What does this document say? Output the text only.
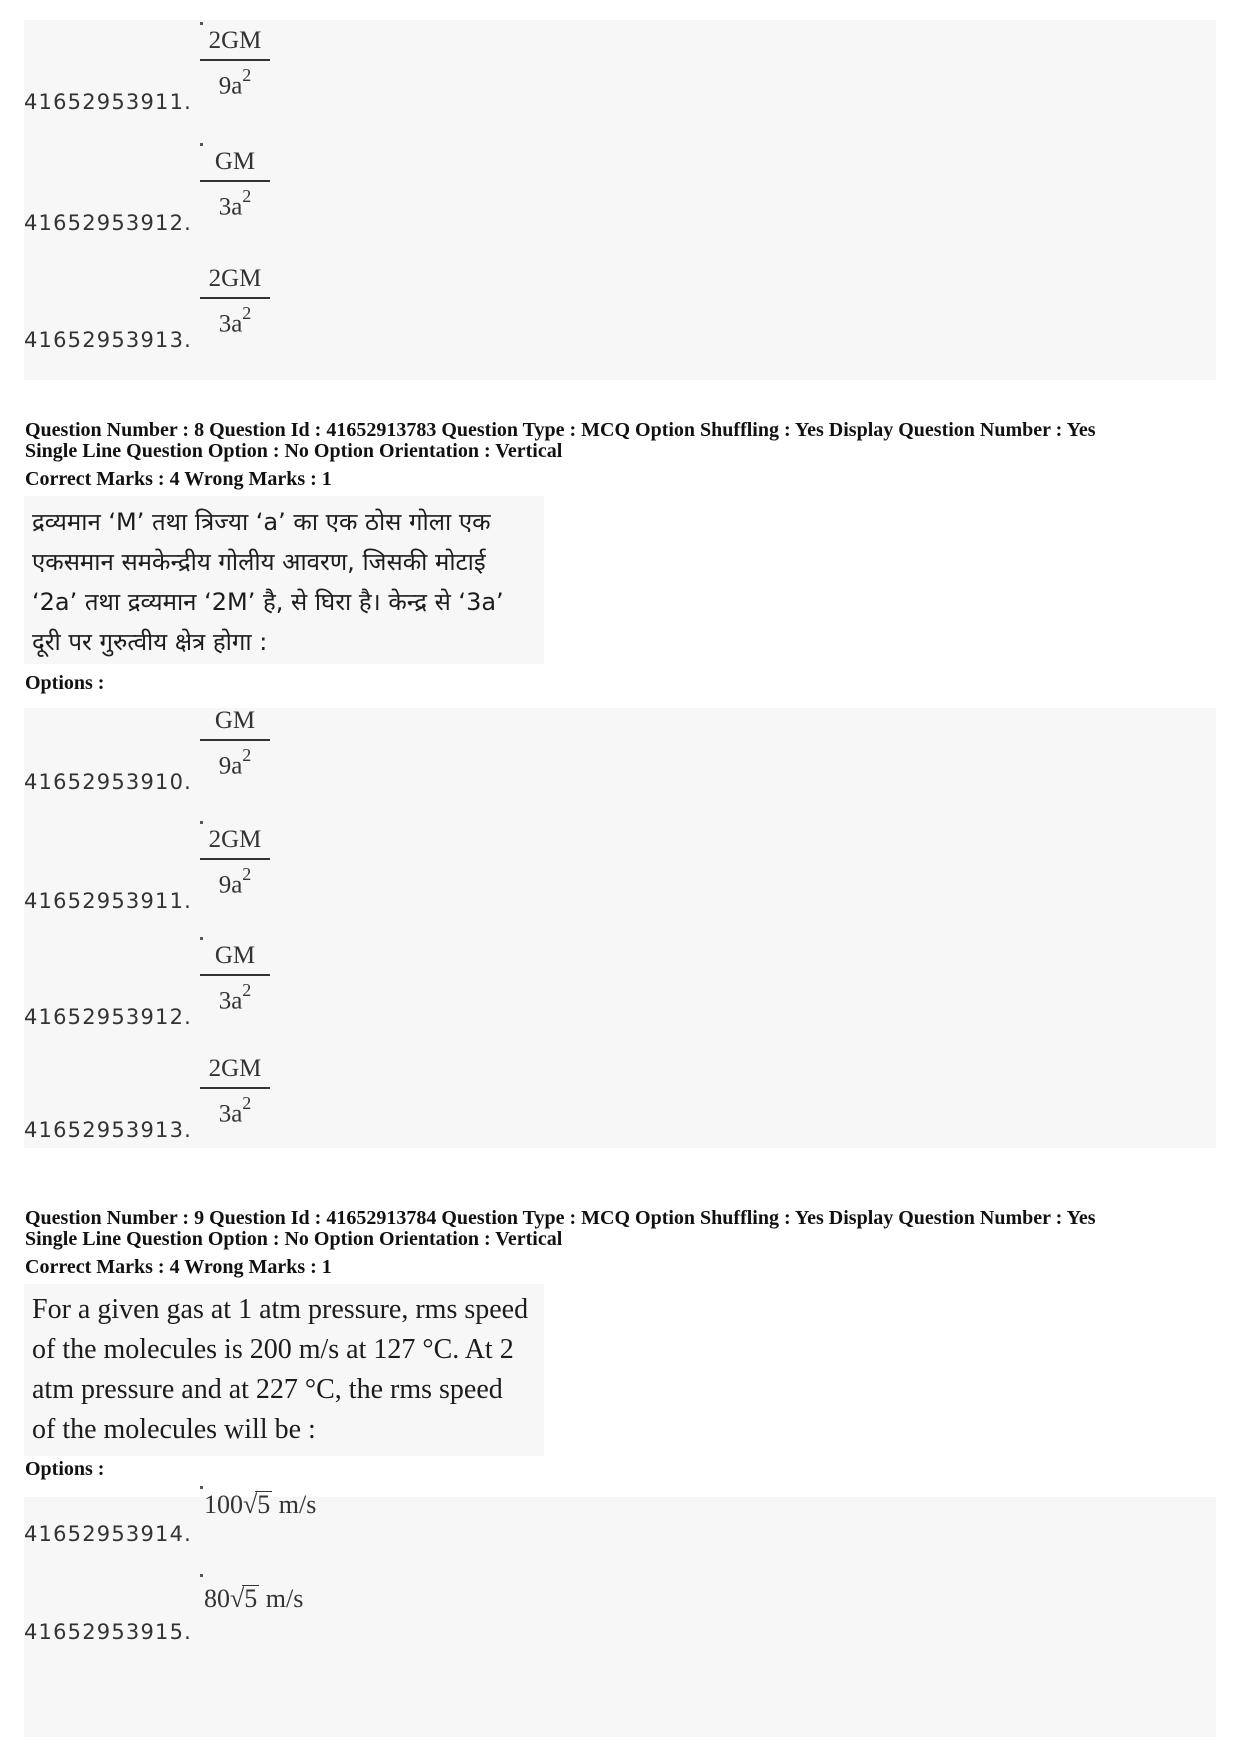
$\frac{2GM}{9a^2}$
41652953911.
$\frac{GM}{3a^2}$
41652953912.
$\frac{2GM}{3a^2}$
41652953913.
Question Number : 8 Question Id : 41652913783 Question Type : MCQ Option Shuffling : Yes Display Question Number : Yes
Single Line Question Option : No Option Orientation : Vertical
Correct Marks : 4 Wrong Marks : 1
द्रव्यमान ‘M’ तथा त्रिज्या ‘a’ का एक ठोस गोला एक
एकसमान समकेन्द्रीय गोलीय आवरण, जिसकी मोटाई
‘2a’ तथा द्रव्यमान ‘2M’ है, से घिरा है। केन्द्र से ‘3a’
दूरी पर गुरुत्वीय क्षेत्र होगा :
Options :
$\frac{GM}{9a^2}$
41652953910.
$\frac{2GM}{9a^2}$
41652953911.
$\frac{GM}{3a^2}$
41652953912.
$\frac{2GM}{3a^2}$
41652953913.
Question Number : 9 Question Id : 41652913784 Question Type : MCQ Option Shuffling : Yes Display Question Number : Yes
Single Line Question Option : No Option Orientation : Vertical
Correct Marks : 4 Wrong Marks : 1
For a given gas at 1 atm pressure, rms speed
of the molecules is 200 m/s at 127 °C. At 2
atm pressure and at 227 °C, the rms speed
of the molecules will be :
Options :
100√5 m/s
41652953914.
80√5 m/s
41652953915.
